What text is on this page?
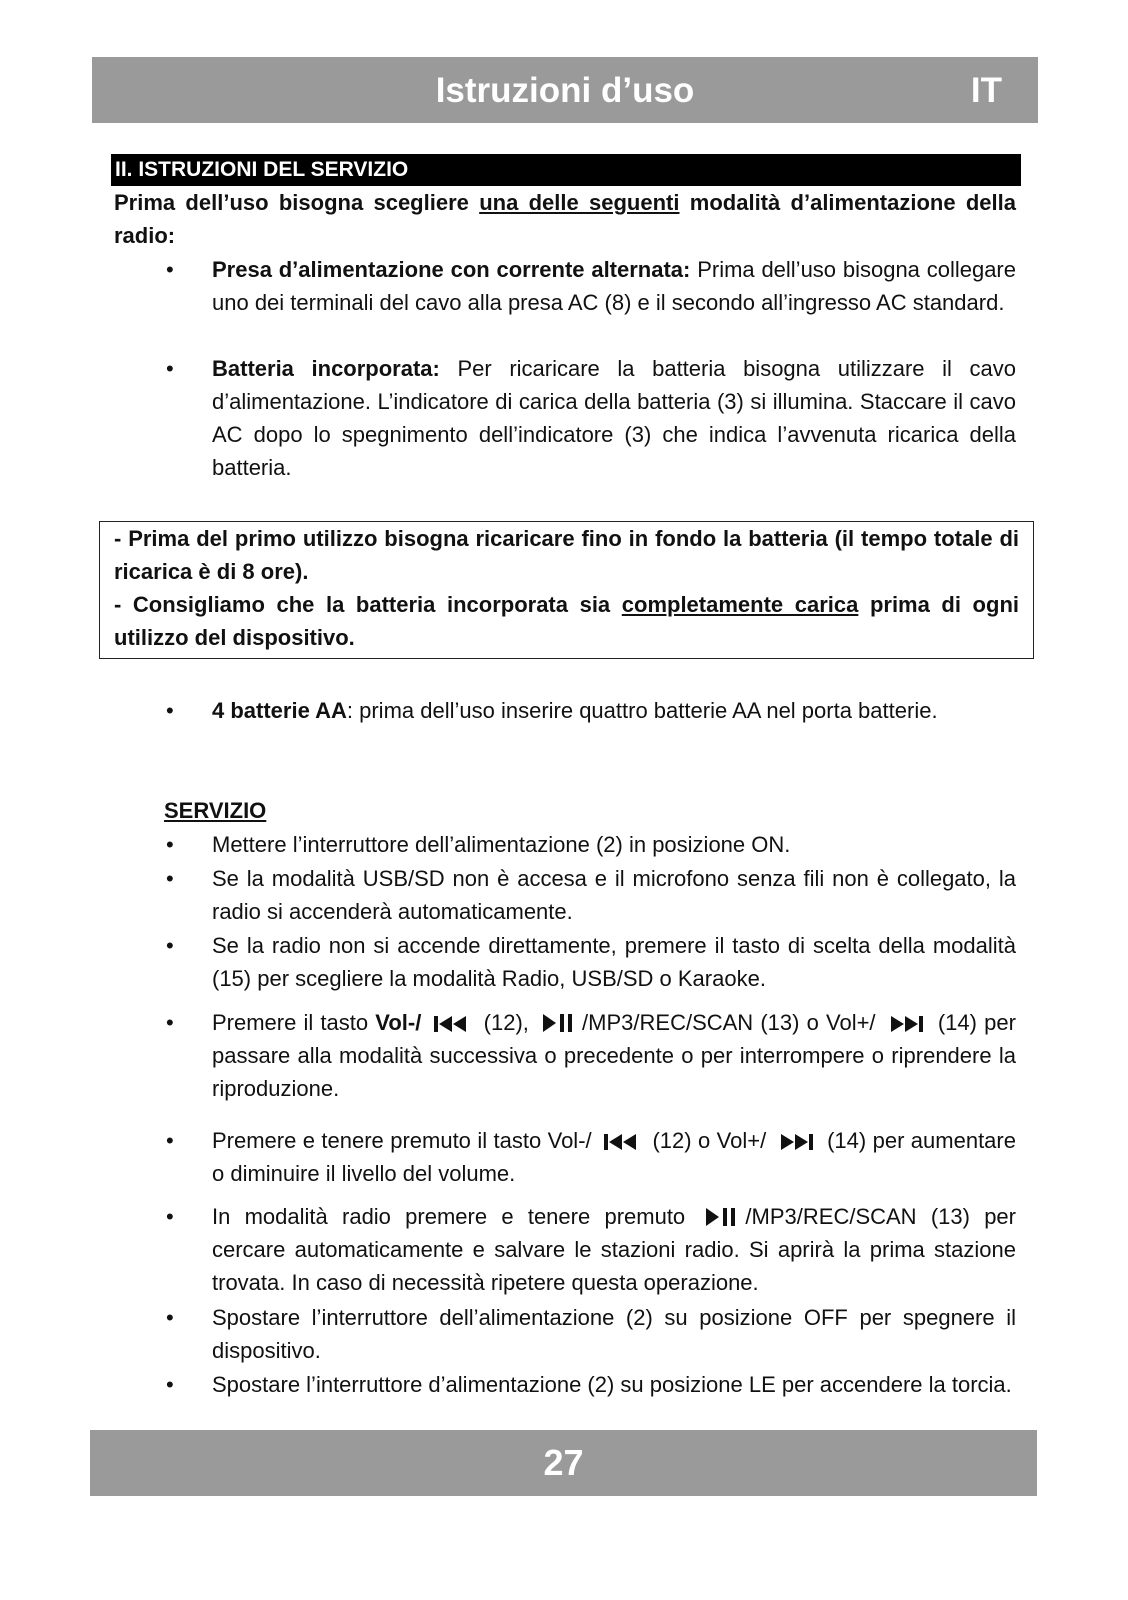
Istruzioni d’uso	IT
II. ISTRUZIONI DEL SERVIZIO

Prima dell’uso bisogna scegliere una delle seguenti modalità d’alimentazione della radio:

• Presa d’alimentazione con corrente alternata: Prima dell’uso bisogna collegare uno dei terminali del cavo alla presa AC (8) e il secondo all’ingresso AC standard.

• Batteria incorporata: Per ricaricare la batteria bisogna utilizzare il cavo d’alimentazione. L’indicatore di carica della batteria (3) si illumina. Staccare il cavo AC dopo lo spegnimento dell’indicatore (3) che indica l’avvenuta ricarica della batteria.

- Prima del primo utilizzo bisogna ricaricare fino in fondo la batteria (il tempo totale di ricarica è di 8 ore).

- Consigliamo che la batteria incorporata sia completamente carica prima di ogni utilizzo del dispositivo.

• 4 batterie AA: prima dell’uso inserire quattro batterie AA nel porta batterie.

SERVIZIO
• Mettere l’interruttore dell’alimentazione (2) in posizione ON.

• Se la modalità USB/SD non è accesa e il microfono senza fili non è collegato, la radio si accenderà automaticamente.

• Se la radio non si accende direttamente, premere il tasto di scelta della modalità (15) per scegliere la modalità Radio, USB/SD o Karaoke.

• Premere il tasto Vol-/	(12), /MP3/REC/SCAN (13) o Vol+/	(14) per passare alla modalità successiva o precedente o per interrompere o riprendere la riproduzione.

• Premere e tenere premuto il tasto Vol-/	(12) o Vol+/	(14) per aumentare o diminuire il livello del volume.

• In modalità radio premere e tenere premuto	/MP3/REC/SCAN (13) per cercare automaticamente e salvare le stazioni radio. Si aprirà la prima stazione trovata. In caso di necessità ripetere questa operazione.

• Spostare l’interruttore dell’alimentazione (2) su posizione OFF per spegnere il dispositivo.

• Spostare l’interruttore d’alimentazione (2) su posizione LE per accendere la torcia.

27
